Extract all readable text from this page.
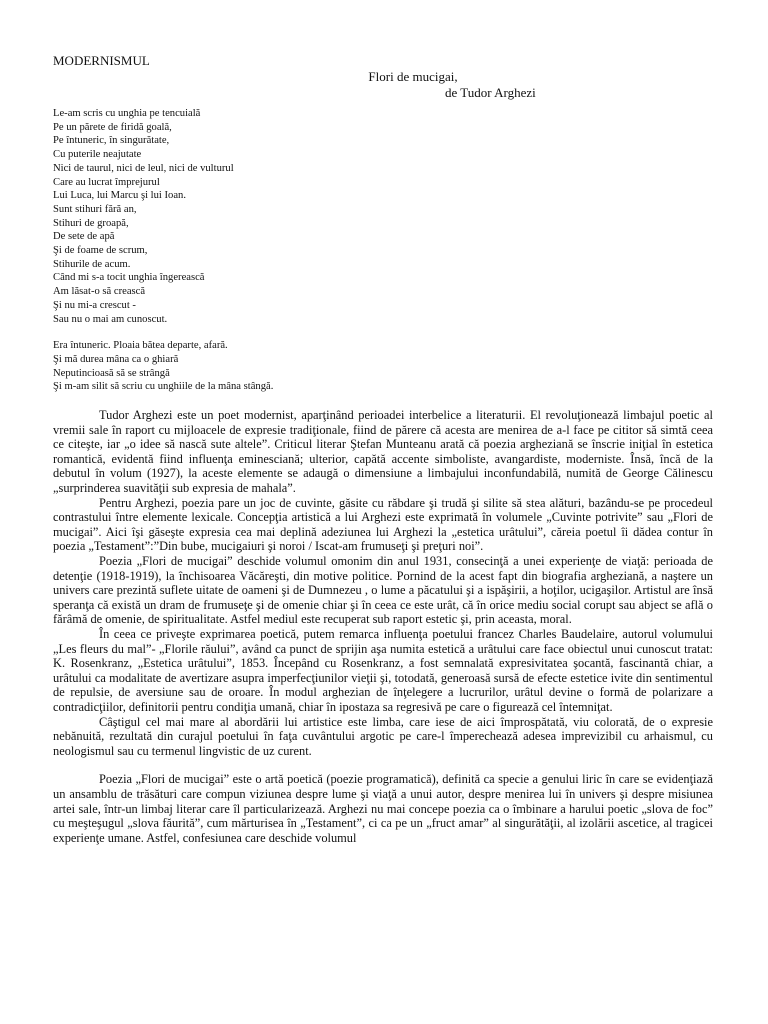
MODERNISMUL

Flori de mucigai,

de Tudor Arghezi

Le-am scris cu unghia pe tencuială
Pe un părete de firidă goală,
Pe întuneric, în singurătate,
Cu puterile neajutate
Nici de taurul, nici de leul, nici de vulturul
Care au lucrat împrejurul
Lui Luca, lui Marcu şi lui Ioan.
Sunt stihuri fără an,
Stihuri de groapă,
De sete de apă
Şi de foame de scrum,
Stihurile de acum.
Când mi s-a tocit unghia îngerească
Am lăsat-o să crească
Şi nu mi-a crescut -
Sau nu o mai am cunoscut.
Era întuneric. Ploaia bătea departe, afară.
Şi mă durea mâna ca o ghiară
Neputincioasă să se strângă
Şi m-am silit să scriu cu unghiile de la mâna stângă.

Tudor Arghezi este un poet modernist, aparţinând perioadei interbelice a literaturii. El revoluţionează limbajul poetic al vremii sale în raport cu mijloacele de expresie tradiţionale, fiind de părere că acesta are menirea de a-l face pe cititor să simtă ceea ce citeşte, iar „o idee să nască sute altele”. Criticul literar Ştefan Munteanu arată că poezia argheziană se înscrie iniţial în estetica romantică, evidentă fiind influenţa eminesciană; ulterior, capătă accente simboliste, avangardiste, moderniste. Însă, încă de la debutul în volum (1927), la aceste elemente se adaugă o dimensiune a limbajului inconfundabilă, numită de George Călinescu „surprinderea suavităţii sub expresia de mahala”.

Pentru Arghezi, poezia pare un joc de cuvinte, găsite cu răbdare şi trudă şi silite să stea alături, bazându-se pe procedeul contrastului între elemente lexicale. Concepţia artistică a lui Arghezi este exprimată în volumele „Cuvinte potrivite” sau „Flori de mucigai”. Aici îşi găseşte expresia cea mai deplină adeziunea lui Arghezi la „estetica urâtului”, căreia poetul îi dădea contur în poezia „Testament”:”Din bube, mucigaiuri şi noroi / Iscat-am frumuseţi şi preţuri noi”.

Poezia „Flori de mucigai” deschide volumul omonim din anul 1931, consecinţă a unei experienţe de viaţă: perioada de detenţie (1918-1919), la închisoarea Văcăreşti, din motive politice. Pornind de la acest fapt din biografia argheziană, a naştere un univers care prezintă suflete uitate de oameni şi de Dumnezeu , o lume a păcatului şi a ispăşirii, a hoţilor, ucigaşilor. Artistul are însă speranţa că există un dram de frumuseţe şi de omenie chiar şi în ceea ce este urât, că în orice mediu social corupt sau abject se află o fărâmă de omenie, de spiritualitate. Astfel mediul este recuperat sub raport estetic şi, prin aceasta, moral.

În ceea ce priveşte exprimarea poetică, putem remarca influenţa poetului francez Charles Baudelaire, autorul volumului „Les fleurs du mal”- „Florile răului”, având ca punct de sprijin aşa numita estetică a urâtului care face obiectul unui cunoscut tratat: K. Rosenkranz, „Estetica urâtului”, 1853. Începând cu Rosenkranz, a fost semnalată expresivitatea şocantă, fascinantă chiar, a urâtului ca modalitate de avertizare asupra imperfecţiunilor vieţii şi, totodată, generoasă sursă de efecte estetice ivite din sentimentul de repulsie, de aversiune sau de oroare. În modul arghezian de înţelegere a lucrurilor, urâtul devine o formă de polarizare a contradicţiilor, definitorii pentru condiţia umană, chiar în ipostaza sa regresivă pe care o figurează cel întemniţat.

Câştigul cel mai mare al abordării lui artistice este limba, care iese de aici împrospătată, viu colorată, de o expresie nebănuită, rezultată din curajul poetului în faţa cuvântului argotic pe care-l împerechează adesea imprevizibil cu arhaismul, cu neologismul sau cu termenul lingvistic de uz curent.

Poezia „Flori de mucigai” este o artă poetică (poezie programatică), definită ca specie a genului liric în care se evidenţiază un ansamblu de trăsături care compun viziunea despre lume şi viaţă a unui autor, despre menirea lui în univers şi despre misiunea artei sale, într-un limbaj literar care îl particularizează. Arghezi nu mai concepe poezia ca o îmbinare a harului poetic „slova de foc” cu meşteşugul „slova făurită”, cum mărturisea în „Testament”, ci ca pe un „fruct amar” al singurătăţii, al izolării ascetice, al tragicei experienţe umane. Astfel, confesiunea care deschide volumul
